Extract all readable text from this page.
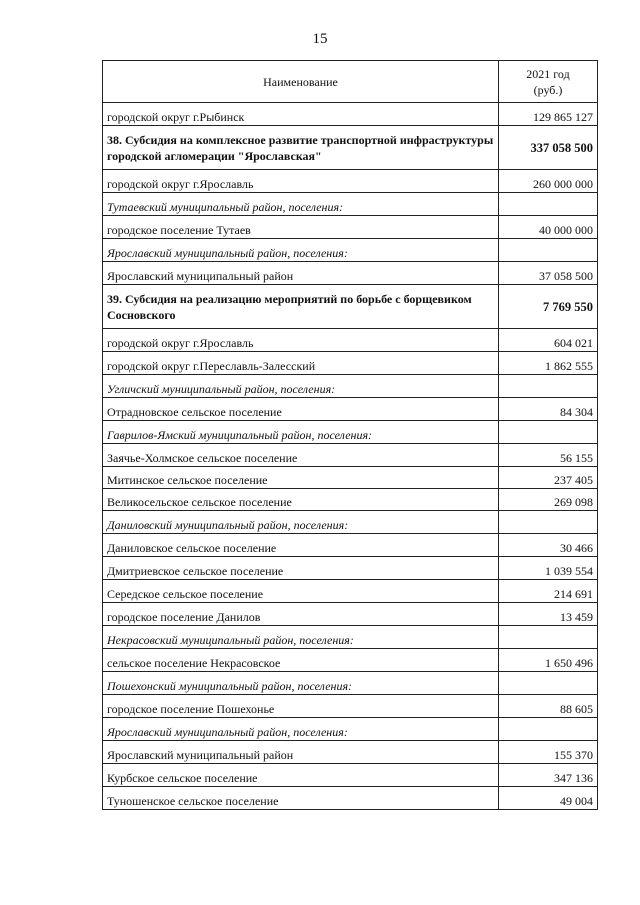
15
Наименование	2021 год
(руб.)

городской округ г.Рыбинск	129 865 127
38. Субсидия на комплексное развитие транспортной инфраструктуры городской агломерации "Ярославская"	337 058 500
городской округ г.Ярославль	260 000 000
Тутаевский муниципальный район, поселения:	
городское поселение Тутаев	40 000 000
Ярославский муниципальный район, поселения:	
Ярославский муниципальный район	37 058 500
39. Субсидия на реализацию мероприятий по борьбе с борщевиком Сосновского	7 769 550
городской округ г.Ярославль	604 021
городской округ г.Переславль-Залесский	1 862 555
Угличский муниципальный район, поселения:	
Отрадновское сельское поселение	84 304
Гаврилов-Ямский муниципальный район, поселения:	
Заячье-Холмское сельское поселение	56 155
Митинское сельское поселение	237 405
Великосельское сельское поселение	269 098
Даниловский муниципальный район, поселения:	
Даниловское сельское поселение	30 466
Дмитриевское сельское поселение	1 039 554
Середское сельское поселение	214 691
городское поселение Данилов	13 459
Некрасовский муниципальный район, поселения:	
сельское поселение Некрасовское	1 650 496
Пошехонский муниципальный район, поселения:	
городское поселение Пошехонье	88 605
Ярославский муниципальный район, поселения:	
Ярославский муниципальный район	155 370
Курбское сельское поселение	347 136
Туношенское сельское поселение	49 004
